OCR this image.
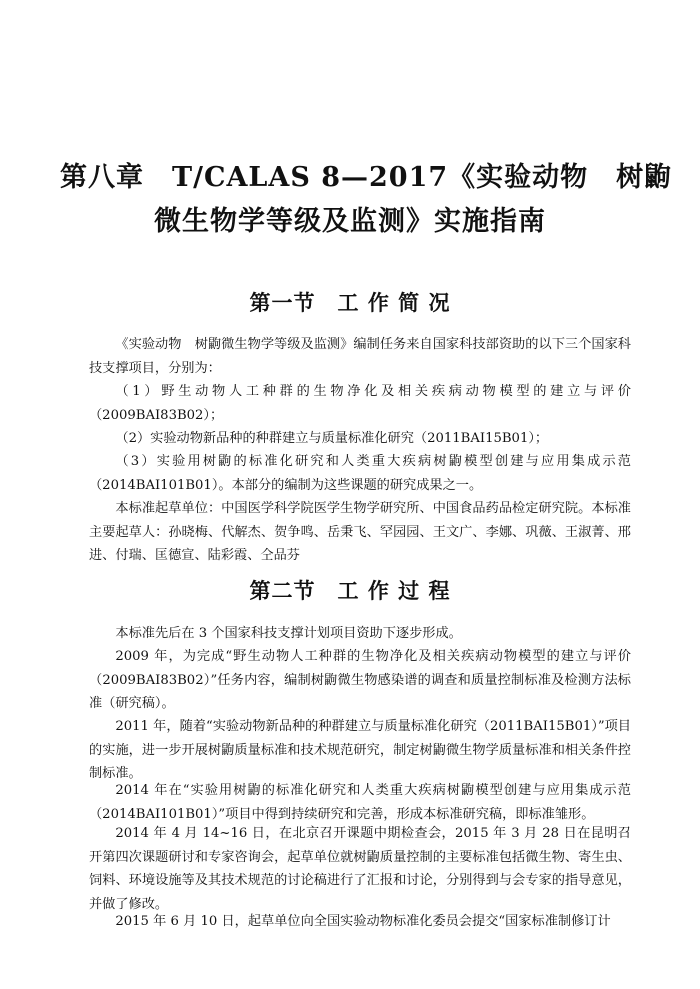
第八章　T/CALAS 8—2017《实验动物　树鼩
微生物学等级及监测》实施指南
第一节　工 作 简 况

《实验动物　树鼩微生物学等级及监测》编制任务来自国家科技部资助的以下三个国家科技支撑项目，分别为：

（1）野生动物人工种群的生物净化及相关疾病动物模型的建立与评价（2009BAI83B02）；

（2）实验动物新品种的种群建立与质量标准化研究（2011BAI15B01）；

（3）实验用树鼩的标准化研究和人类重大疾病树鼩模型创建与应用集成示范（2014BAI101B01）。本部分的编制为这些课题的研究成果之一。

本标准起草单位：中国医学科学院医学生物学研究所、中国食品药品检定研究院。本标准主要起草人：孙晓梅、代解杰、贺争鸣、岳秉飞、罕园园、王文广、李娜、巩薇、王淑菁、邢进、付瑞、匡德宣、陆彩霞、仝品芬

第二节　工 作 过 程

本标准先后在 3 个国家科技支撑计划项目资助下逐步形成。

2009 年，为完成“野生动物人工种群的生物净化及相关疾病动物模型的建立与评价（2009BAI83B02）”任务内容，编制树鼩微生物感染谱的调查和质量控制标准及检测方法标准（研究稿）。

2011 年，随着“实验动物新品种的种群建立与质量标准化研究（2011BAI15B01）”项目的实施，进一步开展树鼩质量标准和技术规范研究，制定树鼩微生物学质量标准和相关条件控制标准。

2014 年在“实验用树鼩的标准化研究和人类重大疾病树鼩模型创建与应用集成示范（2014BAI101B01）”项目中得到持续研究和完善，形成本标准研究稿，即标准雏形。

2014 年 4 月 14~16 日，在北京召开课题中期检查会，2015 年 3 月 28 日在昆明召开第四次课题研讨和专家咨询会，起草单位就树鼩质量控制的主要标准包括微生物、寄生虫、饲料、环境设施等及其技术规范的讨论稿进行了汇报和讨论，分别得到与会专家的指导意见，并做了修改。

2015 年 6 月 10 日，起草单位向全国实验动物标准化委员会提交“国家标准制修订计
